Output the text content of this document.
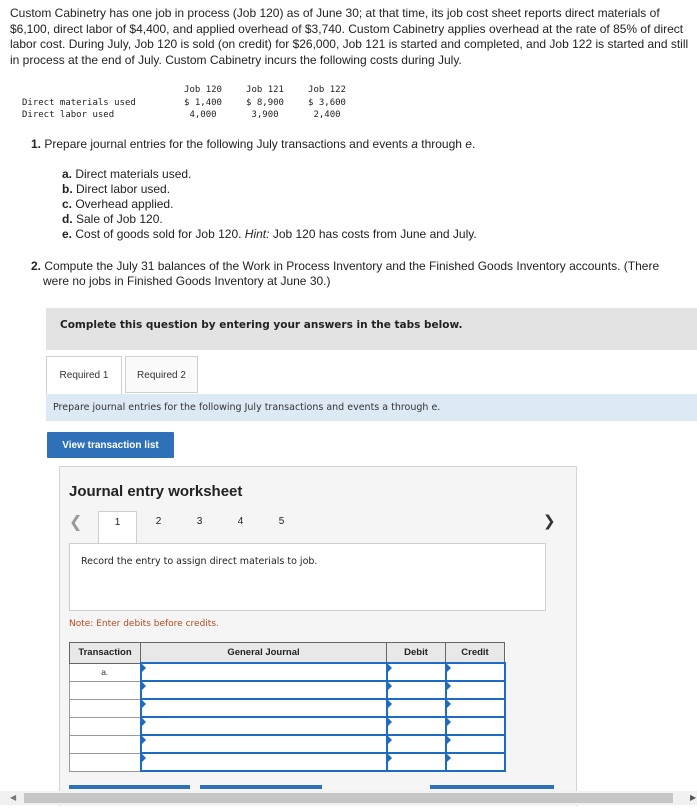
Custom Cabinetry has one job in process (Job 120) as of June 30; at that time, its job cost sheet reports direct materials of $6,100, direct labor of $4,400, and applied overhead of $3,740. Custom Cabinetry applies overhead at the rate of 85% of direct labor cost. During July, Job 120 is sold (on credit) for $26,000, Job 121 is started and completed, and Job 122 is started and still in process at the end of July. Custom Cabinetry incurs the following costs during July.
	Job 120	Job 121	Job 122
Direct materials used	$ 1,400	$ 8,900	$ 3,600
Direct labor used	4,000	3,900	2,400
1. Prepare journal entries for the following July transactions and events a through e.
a. Direct materials used.
b. Direct labor used.
c. Overhead applied.
d. Sale of Job 120.
e. Cost of goods sold for Job 120. Hint: Job 120 has costs from June and July.
2. Compute the July 31 balances of the Work in Process Inventory and the Finished Goods Inventory accounts. (There
were no jobs in Finished Goods Inventory at June 30.)
Complete this question by entering your answers in the tabs below.
Required 1	Required 2
Prepare journal entries for the following July transactions and events a through e.
View transaction list
Journal entry worksheet
❮	1	2	3	4	5
Record the entry to assign direct materials to job.
Note: Enter debits before credits.
❯
Transaction	General Journal	Debit	Credit
a.	

◀	▶
